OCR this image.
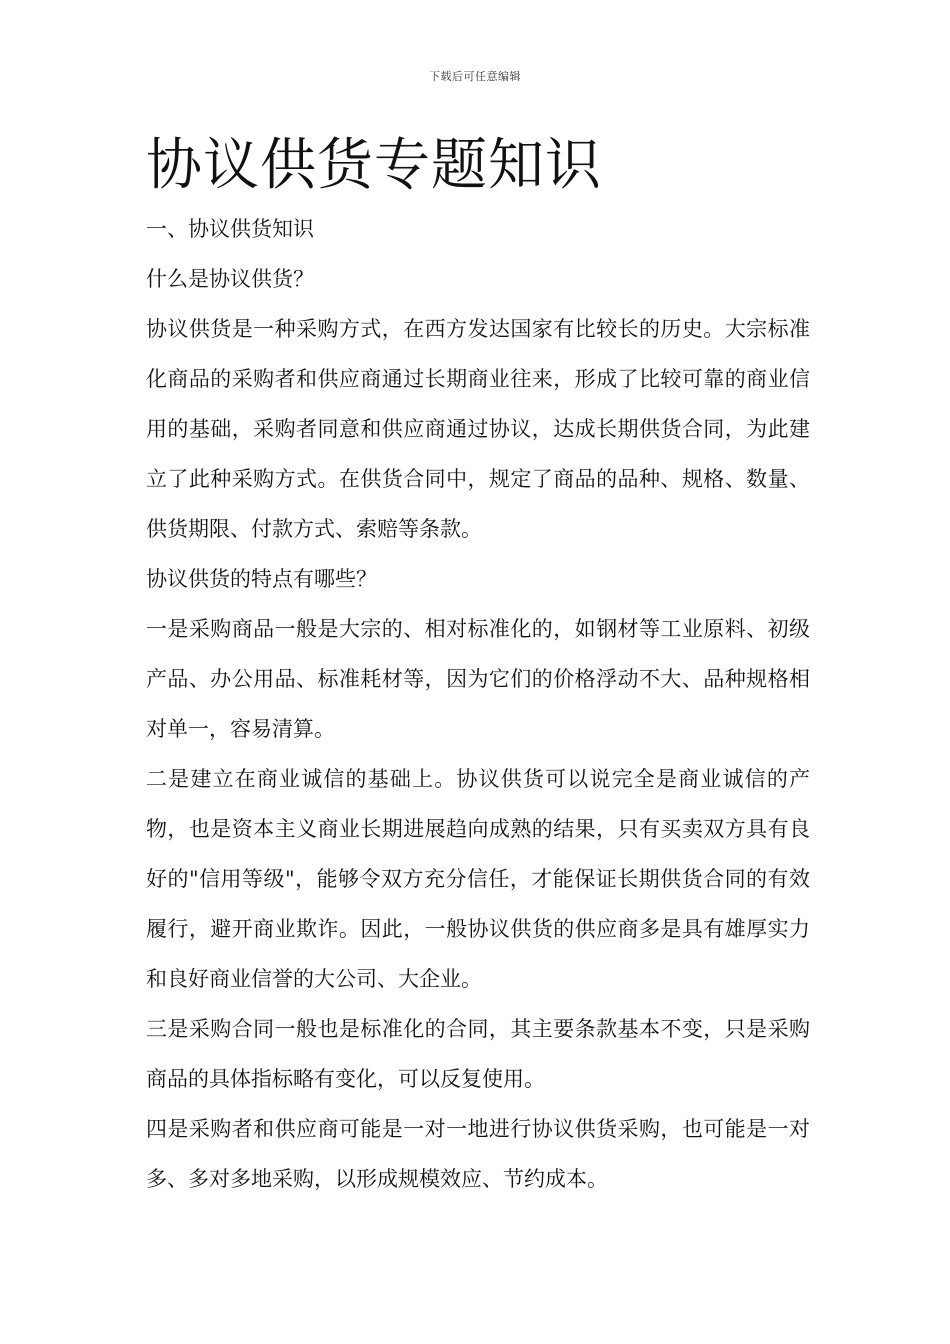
下载后可任意编辑
协议供货专题知识

一、协议供货知识

什么是协议供货？

协议供货是一种采购方式，在西方发达国家有比较长的历史。大宗标准化商品的采购者和供应商通过长期商业往来，形成了比较可靠的商业信用的基础，采购者同意和供应商通过协议，达成长期供货合同，为此建立了此种采购方式。在供货合同中，规定了商品的品种、规格、数量、供货期限、付款方式、索赔等条款。

协议供货的特点有哪些？

一是采购商品一般是大宗的、相对标准化的，如钢材等工业原料、初级产品、办公用品、标准耗材等，因为它们的价格浮动不大、品种规格相对单一，容易清算。

二是建立在商业诚信的基础上。协议供货可以说完全是商业诚信的产物，也是资本主义商业长期进展趋向成熟的结果，只有买卖双方具有良好的"信用等级"，能够令双方充分信任，才能保证长期供货合同的有效履行，避开商业欺诈。因此，一般协议供货的供应商多是具有雄厚实力和良好商业信誉的大公司、大企业。

三是采购合同一般也是标准化的合同，其主要条款基本不变，只是采购商品的具体指标略有变化，可以反复使用。

四是采购者和供应商可能是一对一地进行协议供货采购，也可能是一对多、多对多地采购，以形成规模效应、节约成本。
